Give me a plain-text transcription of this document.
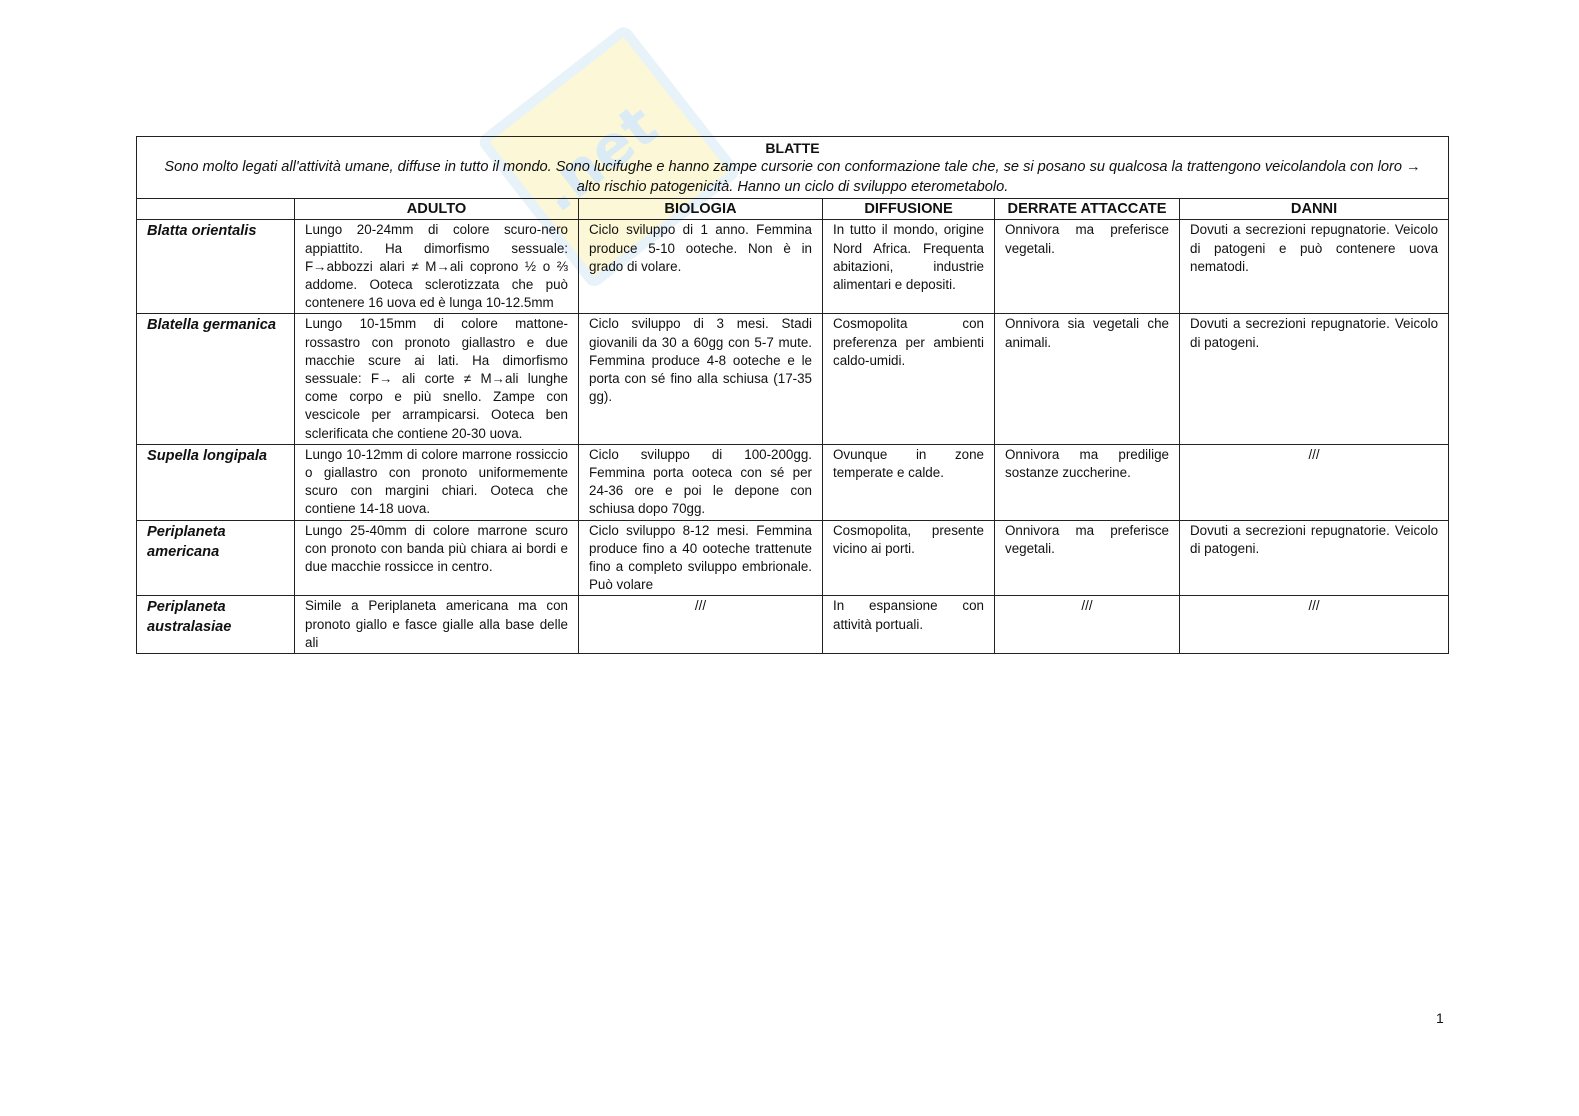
.net	BLATTE
Sono molto legati all'attività umane, diffuse in tutto il mondo. Sono lucifughe e hanno zampe cursorie con conformazione tale che, se si posano su qualcosa la trattengono veicolandola con loro → alto rischio patogenicità. Hanno un ciclo di sviluppo eterometabolo.					

	ADULTO	BIOLOGIA	DIFFUSIONE	DERRATE ATTACCATE	DANNI
Blatta orientalis	Lungo 20-24mm di colore scuro-nero appiattito. Ha dimorfismo sessuale: F→abbozzi alari ≠ M→ali coprono ½ o ⅔ addome. Ooteca sclerotizzata che può contenere 16 uova ed è lunga 10-12.5mm	Ciclo sviluppo di 1 anno. Femmina produce 5-10 ooteche. Non è in grado di volare.	In tutto il mondo, origine Nord Africa. Frequenta abitazioni, industrie alimentari e depositi.	Onnivora ma preferisce vegetali.	Dovuti a secrezioni repugnatorie. Veicolo di patogeni e può contenere uova nematodi.
Blatella germanica	Lungo 10-15mm di colore mattone-rossastro con pronoto giallastro e due macchie scure ai lati. Ha dimorfismo sessuale: F→ ali corte ≠ M→ali lunghe come corpo e più snello. Zampe con vescicole per arrampicarsi. Ooteca ben sclerificata che contiene 20-30 uova.	Ciclo sviluppo di 3 mesi. Stadi giovanili da 30 a 60gg con 5-7 mute. Femmina produce 4-8 ooteche e le porta con sé fino alla schiusa (17-35 gg).	Cosmopolita con preferenza per ambienti caldo-umidi.	Onnivora sia vegetali che animali.	Dovuti a secrezioni repugnatorie. Veicolo di patogeni.
Supella longipala	Lungo 10-12mm di colore marrone rossiccio o giallastro con pronoto uniformemente scuro con margini chiari. Ooteca che contiene 14-18 uova.	Ciclo sviluppo di 100-200gg. Femmina porta ooteca con sé per 24-36 ore e poi le depone con schiusa dopo 70gg.	Ovunque in zone temperate e calde.	Onnivora ma predilige sostanze zuccherine.	///
Periplaneta americana	Lungo 25-40mm di colore marrone scuro con pronoto con banda più chiara ai bordi e due macchie rossicce in centro.	Ciclo sviluppo 8-12 mesi. Femmina produce fino a 40 ooteche trattenute fino a completo sviluppo embrionale. Può volare	Cosmopolita, presente vicino ai porti.	Onnivora ma preferisce vegetali.	Dovuti a secrezioni repugnatorie. Veicolo di patogeni.
Periplaneta australasiae	Simile a Periplaneta americana ma con pronoto giallo e fasce gialle alla base delle ali	///	In espansione con attività portuali.	///	///
1
